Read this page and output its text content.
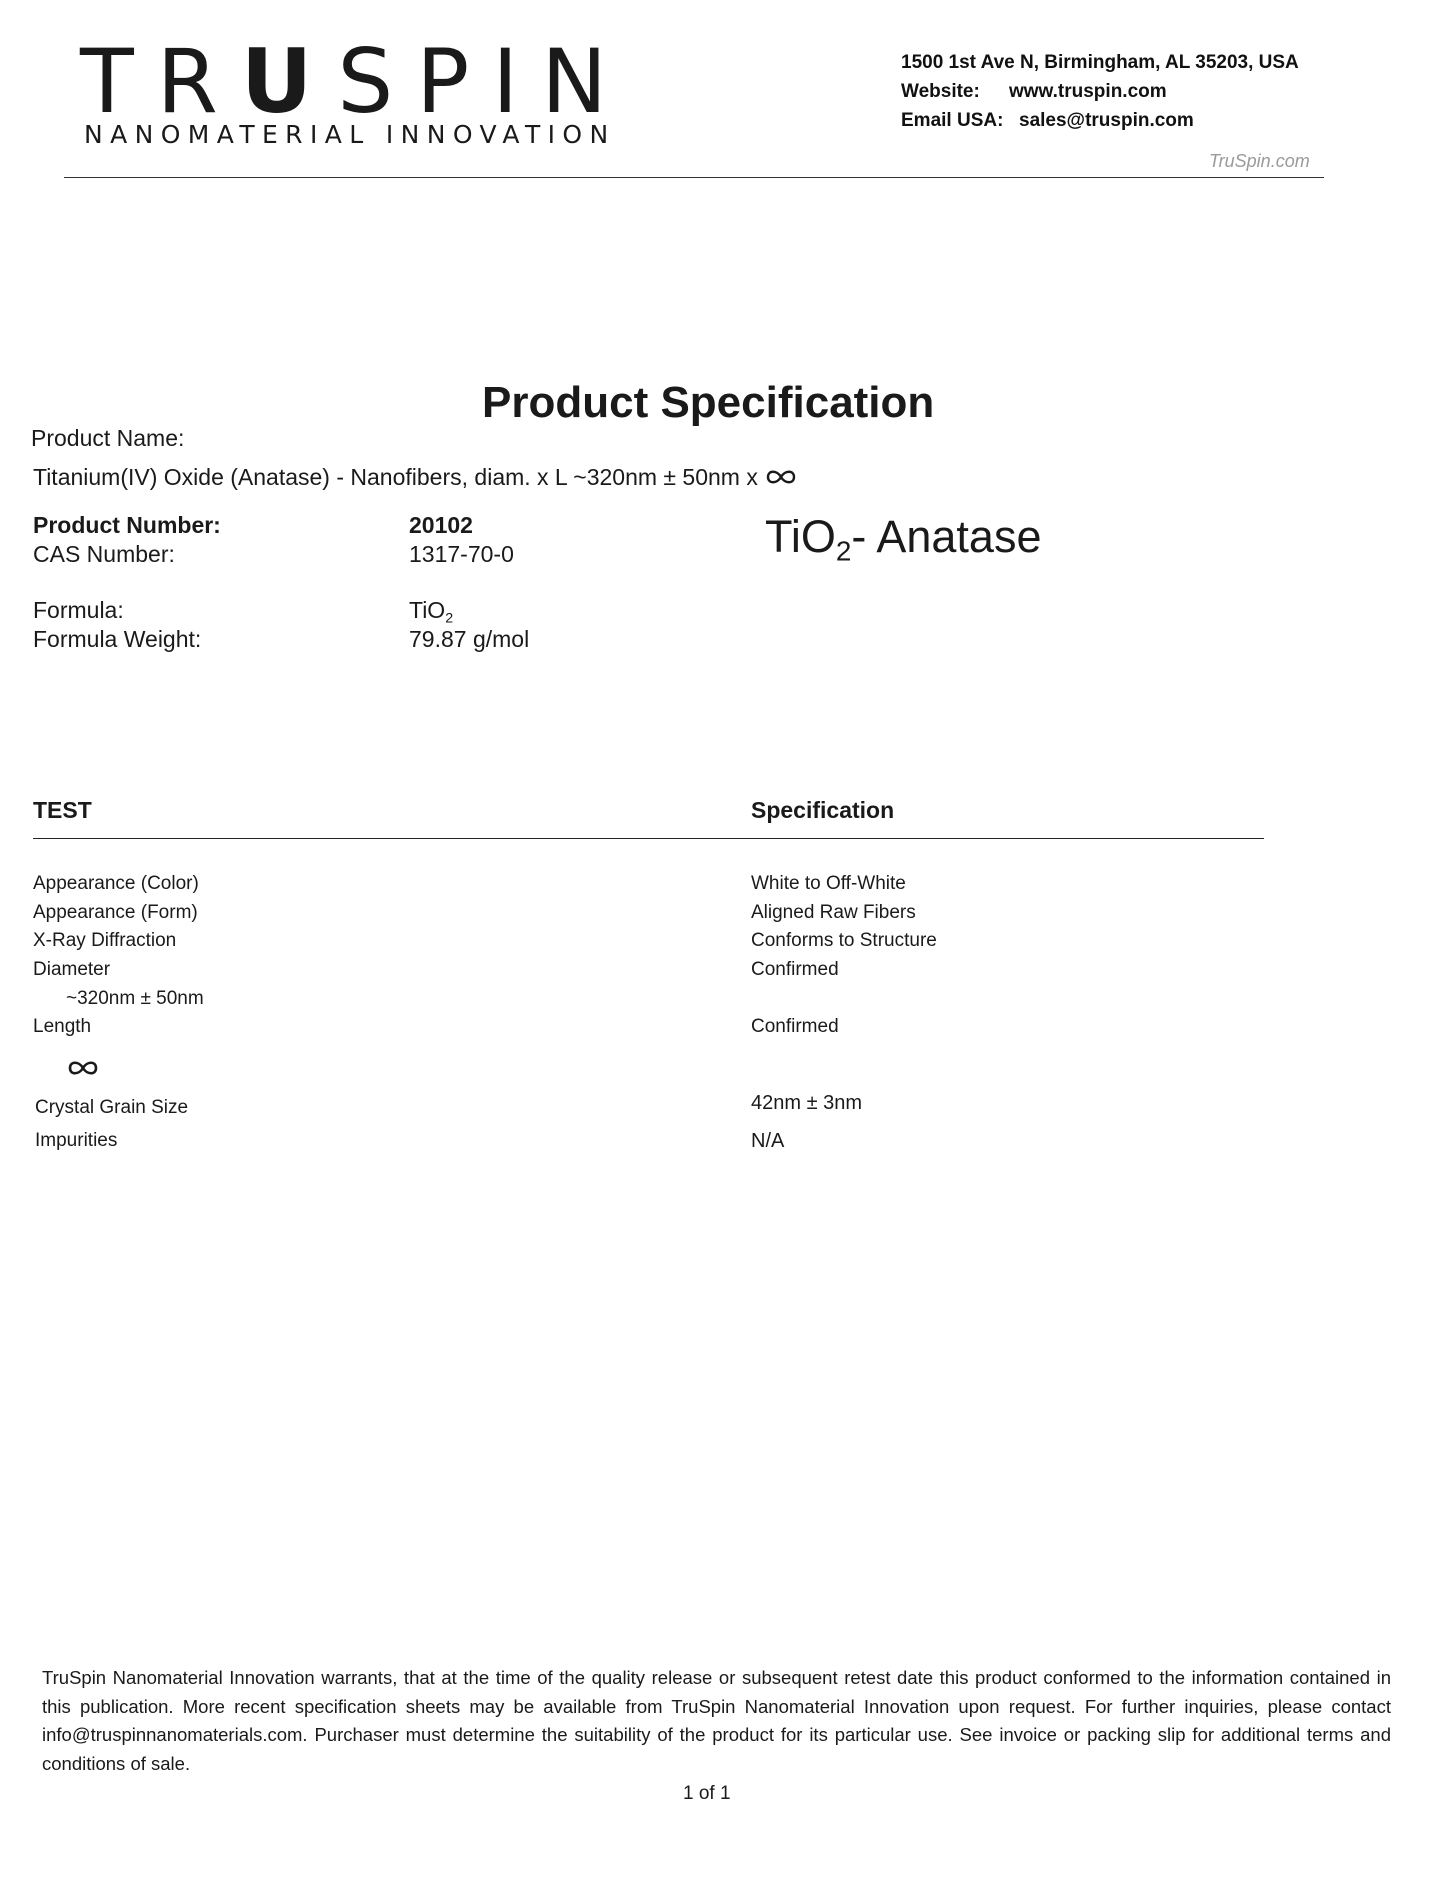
TRUSPIN
NANOMATERIAL INNOVATION
1500 1st Ave N, Birmingham, AL 35203, USA
Website: www.truspin.com
Email USA: sales@truspin.com
TruSpin.com
Product Specification
Product Name:
Titanium(IV) Oxide (Anatase) - Nanofibers, diam. x L ~320nm ± 50nm x
Product Number:	20102
CAS Number:	1317-70-0	TiO$_2$- Anatase
Formula:	TiO$_2$
Formula Weight:	79.87 g/mol
TEST	Specification
Appearance (Color)	White to Off-White
Appearance (Form)	Aligned Raw Fibers
X-Ray Diffraction	Conforms to Structure
Diameter	Confirmed
~320nm ± 50nm
Length	Confirmed
Crystal Grain Size	42nm ± 3nm
Impurities	N/A
TruSpin Nanomaterial Innovation warrants, that at the time of the quality release or subsequent retest date this product conformed to the information contained in this publication. More recent specification sheets may be available from TruSpin Nanomaterial Innovation upon request. For further inquiries, please contact info@truspinnanomaterials.com. Purchaser must determine the suitability of the product for its particular use. See invoice or packing slip for additional terms and conditions of sale.
1 of 1
